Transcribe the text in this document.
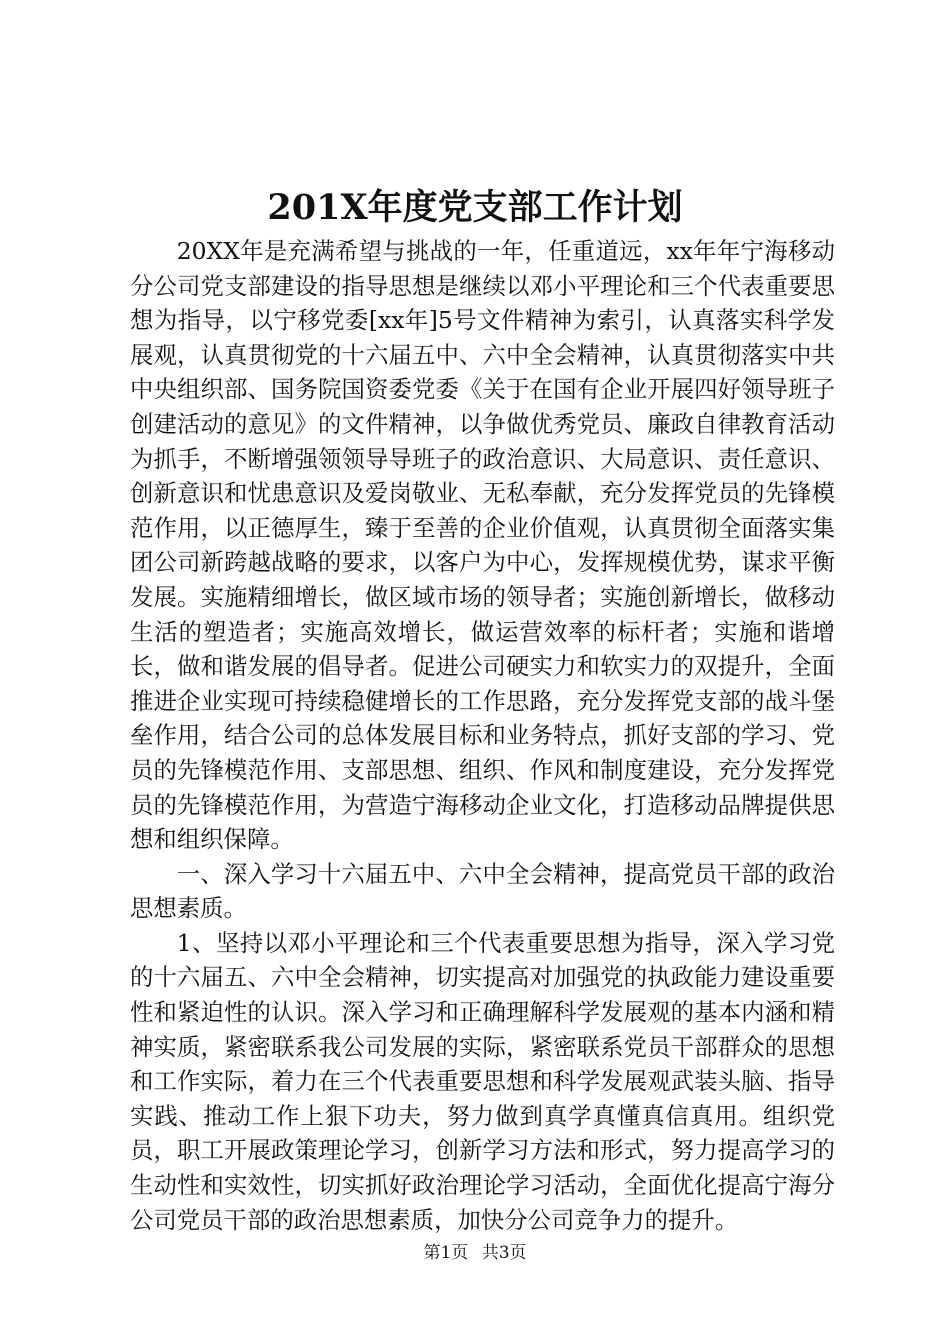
201X年度党支部工作计划

20XX年是充满希望与挑战的一年，任重道远，xx年年宁海移动分公司党支部建设的指导思想是继续以邓小平理论和三个代表重要思想为指导，以宁移党委[xx年]5号文件精神为索引，认真落实科学发展观，认真贯彻党的十六届五中、六中全会精神，认真贯彻落实中共中央组织部、国务院国资委党委《关于在国有企业开展四好领导班子创建活动的意见》的文件精神，以争做优秀党员、廉政自律教育活动为抓手，不断增强领领导导班子的政治意识、大局意识、责任意识、创新意识和忧患意识及爱岗敬业、无私奉献，充分发挥党员的先锋模范作用，以正德厚生，臻于至善的企业价值观，认真贯彻全面落实集团公司新跨越战略的要求，以客户为中心，发挥规模优势，谋求平衡发展。实施精细增长，做区域市场的领导者；实施创新增长，做移动生活的塑造者；实施高效增长，做运营效率的标杆者；实施和谐增长，做和谐发展的倡导者。促进公司硬实力和软实力的双提升，全面推进企业实现可持续稳健增长的工作思路，充分发挥党支部的战斗堡垒作用，结合公司的总体发展目标和业务特点，抓好支部的学习、党员的先锋模范作用、支部思想、组织、作风和制度建设，充分发挥党员的先锋模范作用，为营造宁海移动企业文化，打造移动品牌提供思想和组织保障。

一、深入学习十六届五中、六中全会精神，提高党员干部的政治思想素质。

1、坚持以邓小平理论和三个代表重要思想为指导，深入学习党的十六届五、六中全会精神，切实提高对加强党的执政能力建设重要性和紧迫性的认识。深入学习和正确理解科学发展观的基本内涵和精神实质，紧密联系我公司发展的实际，紧密联系党员干部群众的思想和工作实际，着力在三个代表重要思想和科学发展观武装头脑、指导实践、推动工作上狠下功夫，努力做到真学真懂真信真用。组织党员，职工开展政策理论学习，创新学习方法和形式，努力提高学习的生动性和实效性，切实抓好政治理论学习活动，全面优化提高宁海分公司党员干部的政治思想素质，加快分公司竞争力的提升。

第1页 共3页
